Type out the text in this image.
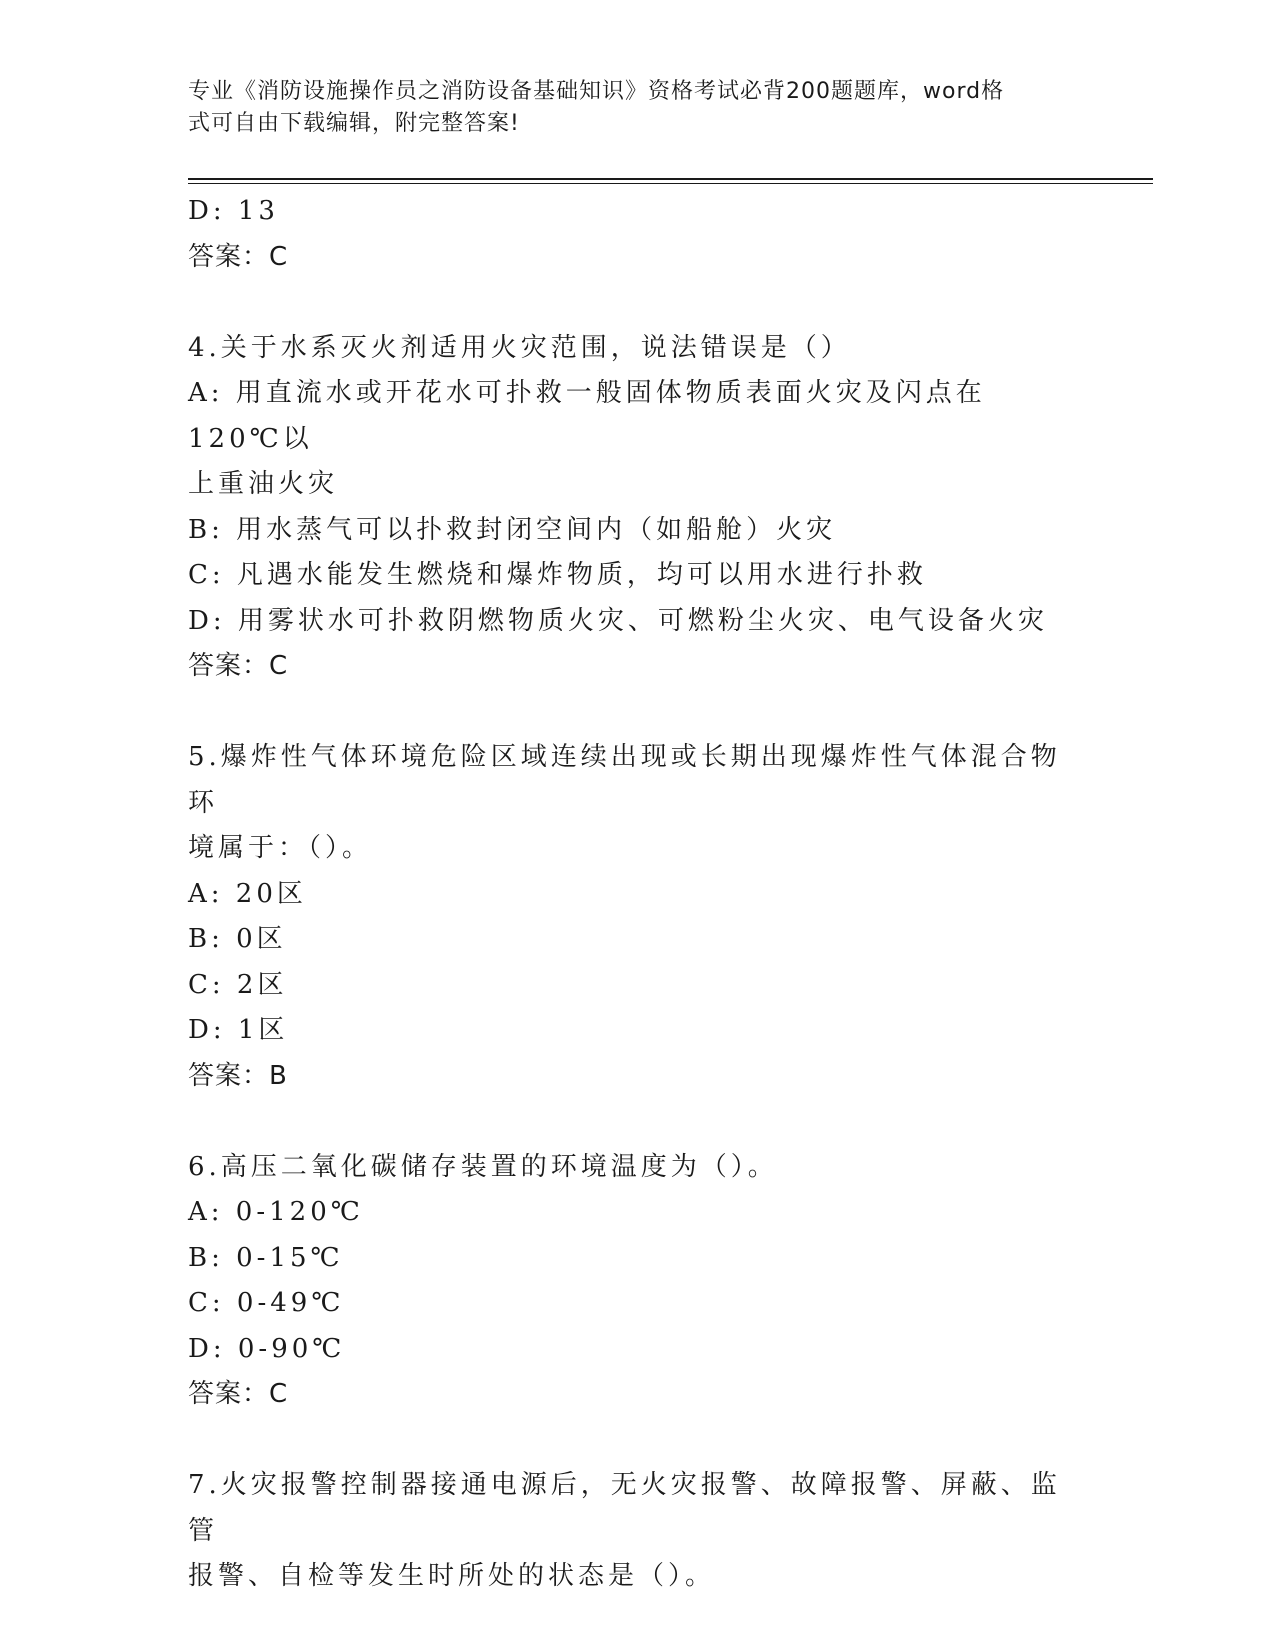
专业《消防设施操作员之消防设备基础知识》资格考试必背200题题库，word格
式可自由下载编辑，附完整答案!

D: 13

答案：C

4.关于水系灭火剂适用火灾范围，说法错误是（）

A: 用直流水或开花水可扑救一般固体物质表面火灾及闪点在120℃以

上重油火灾

B: 用水蒸气可以扑救封闭空间内（如船舱）火灾

C: 凡遇水能发生燃烧和爆炸物质，均可以用水进行扑救

D: 用雾状水可扑救阴燃物质火灾、可燃粉尘火灾、电气设备火灾

答案：C

5.爆炸性气体环境危险区域连续出现或长期出现爆炸性气体混合物环

境属于：（）。

A: 20区

B: 0区

C: 2区

D: 1区

答案：B

6.高压二氧化碳储存装置的环境温度为（）。

A: 0-120℃

B: 0-15℃

C: 0-49℃

D: 0-90℃

答案：C

7.火灾报警控制器接通电源后，无火灾报警、故障报警、屏蔽、监管

报警、自检等发生时所处的状态是（）。
